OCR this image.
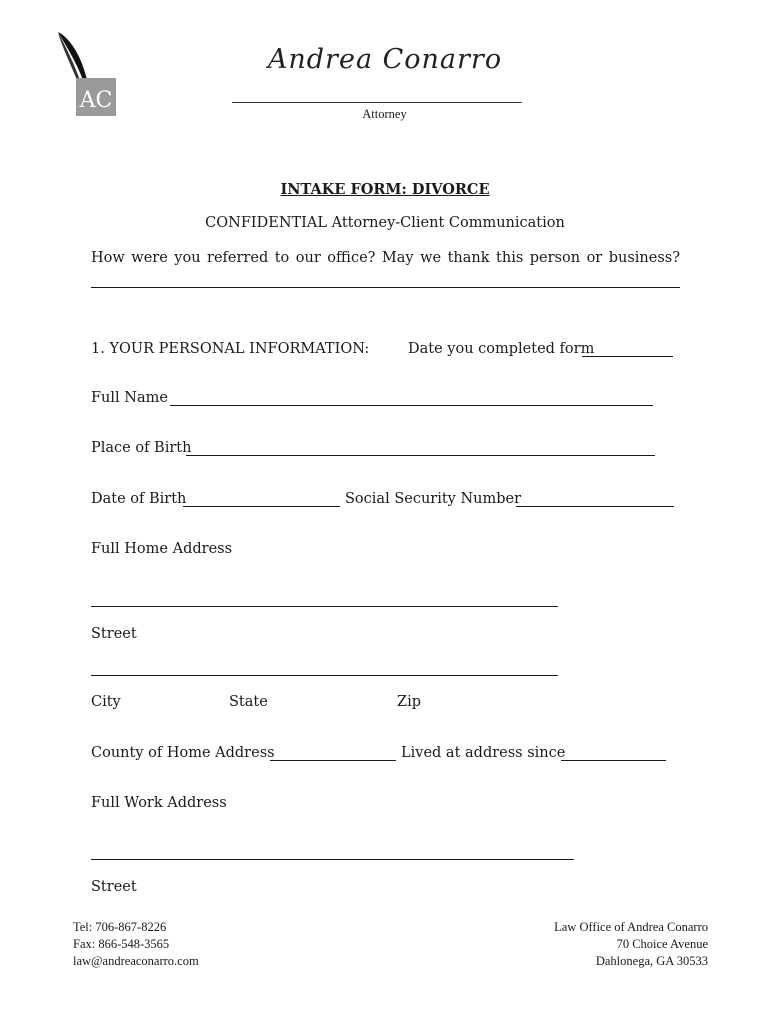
AC
Andrea Conarro
Attorney
INTAKE FORM: DIVORCE
CONFIDENTIAL Attorney-Client Communication
How were you referred to our office? May we thank this person or business?
1. YOUR PERSONAL INFORMATION:	Date you completed form
Full Name
Place of Birth
Date of Birth	Social Security Number
Full Home Address
Street
City	State	Zip
County of Home Address	Lived at address since
Full Work Address
Street
Tel: 706-867-8226
Fax: 866-548-3565
law@andreaconarro.com
Law Office of Andrea Conarro
70 Choice Avenue
Dahlonega, GA 30533
